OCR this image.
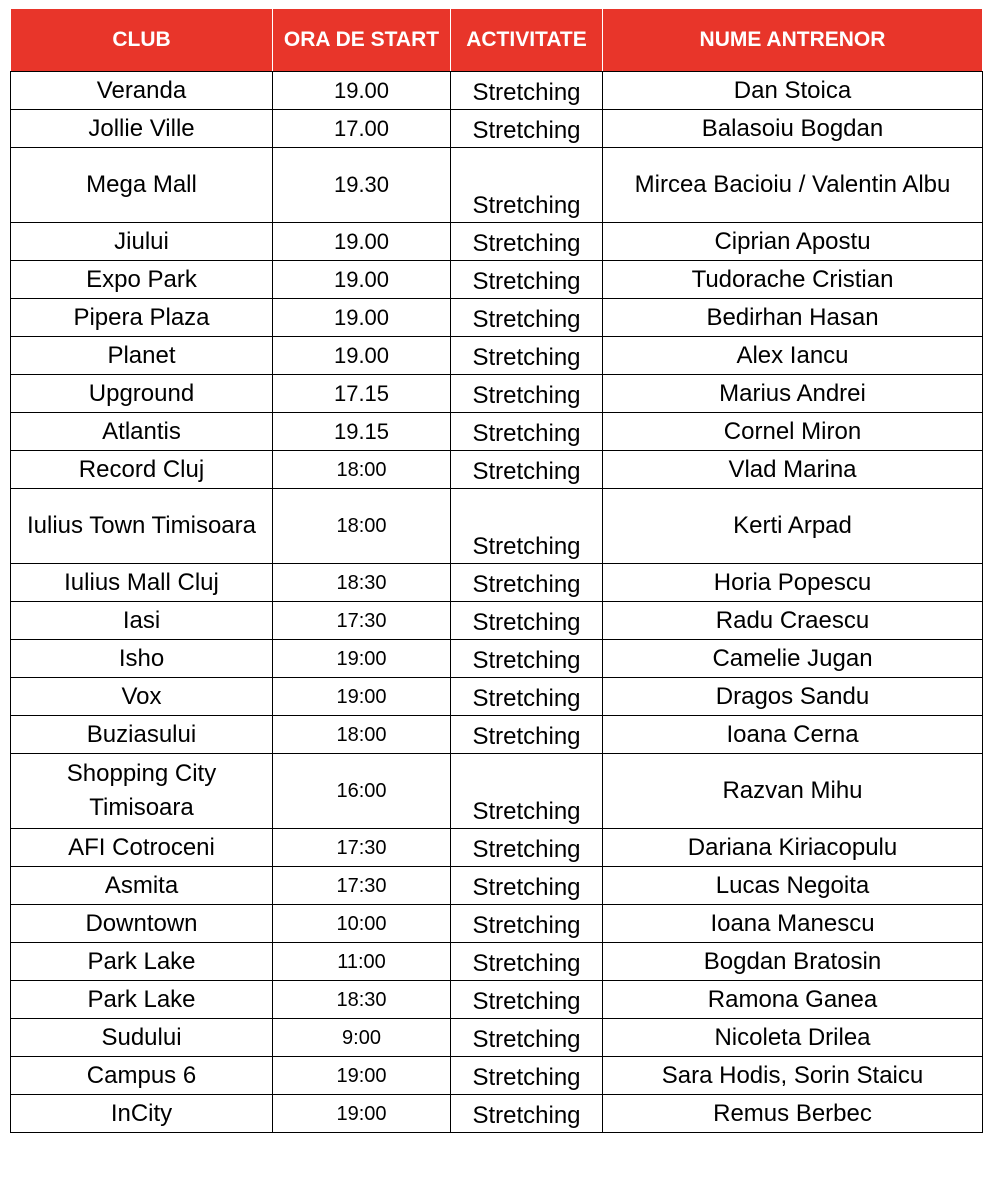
CLUB	ORA DE START	ACTIVITATE	NUME ANTRENOR
Veranda	19.00	Stretching	Dan Stoica
Jollie Ville	17.00	Stretching	Balasoiu Bogdan
Mega Mall	19.30	Stretching	Mircea Bacioiu / Valentin Albu
Jiului	19.00	Stretching	Ciprian Apostu
Expo Park	19.00	Stretching	Tudorache Cristian
Pipera Plaza	19.00	Stretching	Bedirhan Hasan
Planet	19.00	Stretching	Alex Iancu
Upground	17.15	Stretching	Marius Andrei
Atlantis	19.15	Stretching	Cornel Miron
Record Cluj	18:00	Stretching	Vlad Marina
Iulius Town Timisoara	18:00	Stretching	Kerti Arpad
Iulius Mall Cluj	18:30	Stretching	Horia Popescu
Iasi	17:30	Stretching	Radu Craescu
Isho	19:00	Stretching	Camelie Jugan
Vox	19:00	Stretching	Dragos Sandu
Buziasului	18:00	Stretching	Ioana Cerna
Shopping City Timisoara	16:00	Stretching	Razvan Mihu
AFI Cotroceni	17:30	Stretching	Dariana Kiriacopulu
Asmita	17:30	Stretching	Lucas Negoita
Downtown	10:00	Stretching	Ioana Manescu
Park Lake	11:00	Stretching	Bogdan Bratosin
Park Lake	18:30	Stretching	Ramona Ganea
Sudului	9:00	Stretching	Nicoleta Drilea
Campus 6	19:00	Stretching	Sara Hodis, Sorin Staicu
InCity	19:00	Stretching	Remus Berbec
